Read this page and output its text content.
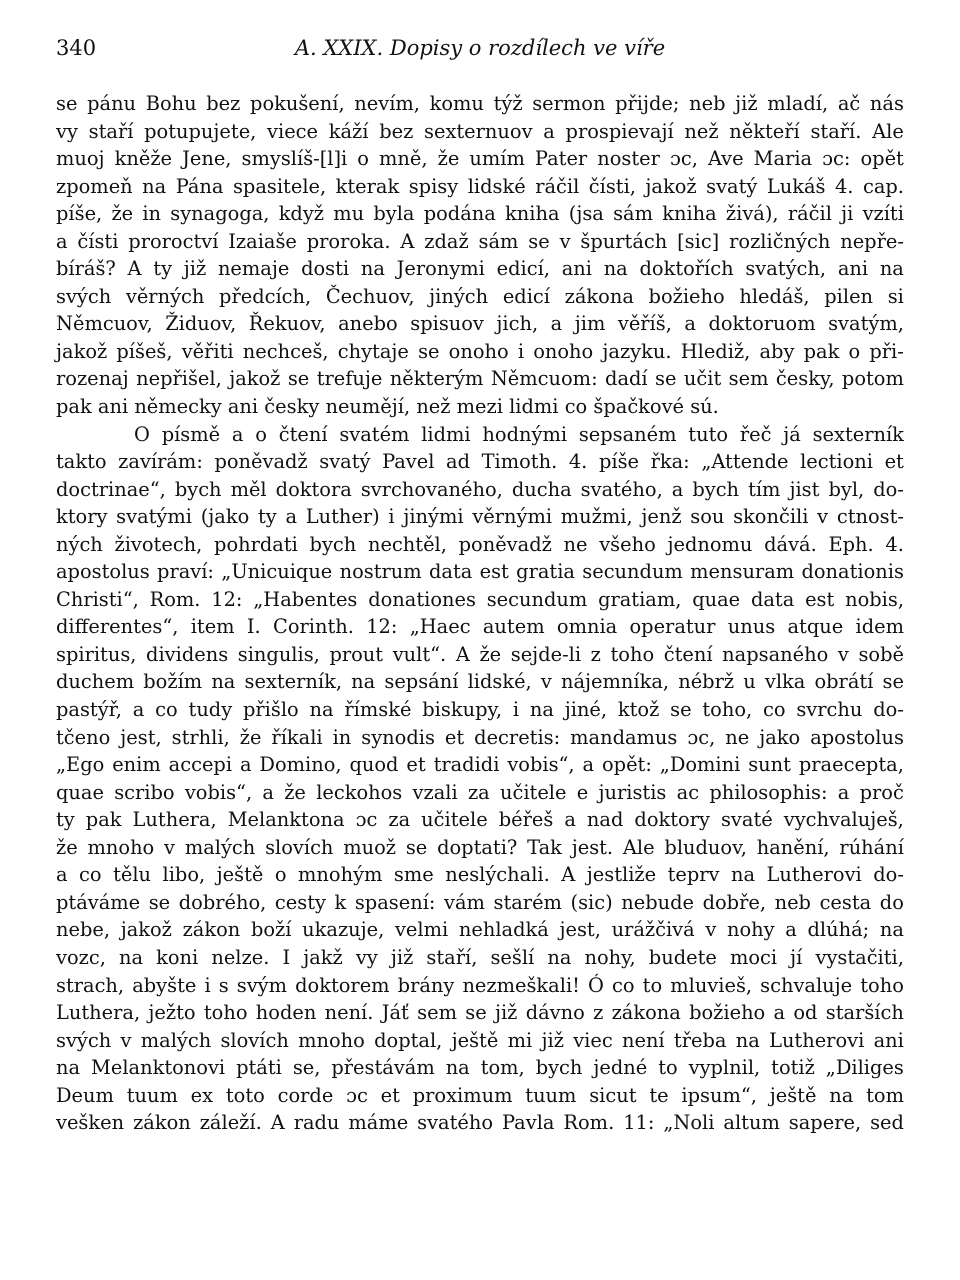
340	A. XXIX. Dopisy o rozdílech ve víře
se pánu Bohu bez pokušení, nevím, komu týž sermon přijde; neb již mladí, ač nás
vy staří potupujete, viece káží bez sexternuov a prospievají než někteří staří. Ale
muoj kněže Jene, smyslíš-[l]i o mně, že umím Pater noster ɔc, Ave Maria ɔc: opět
zpomeň na Pána spasitele, kterak spisy lidské ráčil čísti, jakož svatý Lukáš 4. cap.
píše, že in synagoga, když mu byla podána kniha (jsa sám kniha živá), ráčil ji vzíti
a čísti proroctví Izaiaše proroka. A zdaž sám se v špurtách [sic] rozličných nepře-
bíráš? A ty již nemaje dosti na Jeronymi edicí, ani na doktořích svatých, ani na
svých věrných předcích, Čechuov, jiných edicí zákona božieho hledáš, pilen si
Němcuov, Židuov, Řekuov, anebo spisuov jich, a jim věříš, a doktoruom svatým,
jakož píšeš, věřiti nechceš, chytaje se onoho i onoho jazyku. Hlediž, aby pak o při-
rozenaj nepřišel, jakož se trefuje některým Němcuom: dadí se učit sem česky, potom
pak ani německy ani česky neumějí, než mezi lidmi co špačkové sú.
O písmě a o čtení svatém lidmi hodnými sepsaném tuto řeč já sexterník
takto zavírám: poněvadž svatý Pavel ad Timoth. 4. píše řka: „Attende lectioni et
doctrinae“, bych měl doktora svrchovaného, ducha svatého, a bych tím jist byl, do-
ktory svatými (jako ty a Luther) i jinými věrnými mužmi, jenž sou skončili v ctnost-
ných životech, pohrdati bych nechtěl, poněvadž ne všeho jednomu dává. Eph. 4.
apostolus praví: „Unicuique nostrum data est gratia secundum mensuram donationis
Christi“, Rom. 12: „Habentes donationes secundum gratiam, quae data est nobis,
differentes“, item I. Corinth. 12: „Haec autem omnia operatur unus atque idem
spiritus, dividens singulis, prout vult“. A že sejde-li z toho čtení napsaného v sobě
duchem božím na sexterník, na sepsání lidské, v nájemníka, nébrž u vlka obrátí se
pastýř, a co tudy přišlo na římské biskupy, i na jiné, ktož se toho, co svrchu do-
tčeno jest, strhli, že říkali in synodis et decretis: mandamus ɔc, ne jako apostolus
„Ego enim accepi a Domino, quod et tradidi vobis“, a opět: „Domini sunt praecepta,
quae scribo vobis“, a že leckohos vzali za učitele e juristis ac philosophis: a proč
ty pak Luthera, Melanktona ɔc za učitele béřeš a nad doktory svaté vychvaluješ,
že mnoho v malých slovích muož se doptati? Tak jest. Ale bluduov, hanění, rúhání
a co tělu libo, ještě o mnohým sme neslýchali. A jestliže teprv na Lutherovi do-
ptáváme se dobrého, cesty k spasení: vám starém (sic) nebude dobře, neb cesta do
nebe, jakož zákon boží ukazuje, velmi nehladká jest, urážčivá v nohy a dlúhá; na
vozc, na koni nelze. I jakž vy již staří, sešlí na nohy, budete moci jí vystačiti,
strach, abyšte i s svým doktorem brány nezmeškali! Ó co to mluvieš, schvaluje toho
Luthera, ježto toho hoden není. Jáť sem se již dávno z zákona božieho a od starších
svých v malých slovích mnoho doptal, ještě mi již viec není třeba na Lutherovi ani
na Melanktonovi ptáti se, přestávám na tom, bych jedné to vyplnil, totiž „Diliges
Deum tuum ex toto corde ɔc et proximum tuum sicut te ipsum“, ještě na tom
vešken zákon záleží. A radu máme svatého Pavla Rom. 11: „Noli altum sapere, sed
